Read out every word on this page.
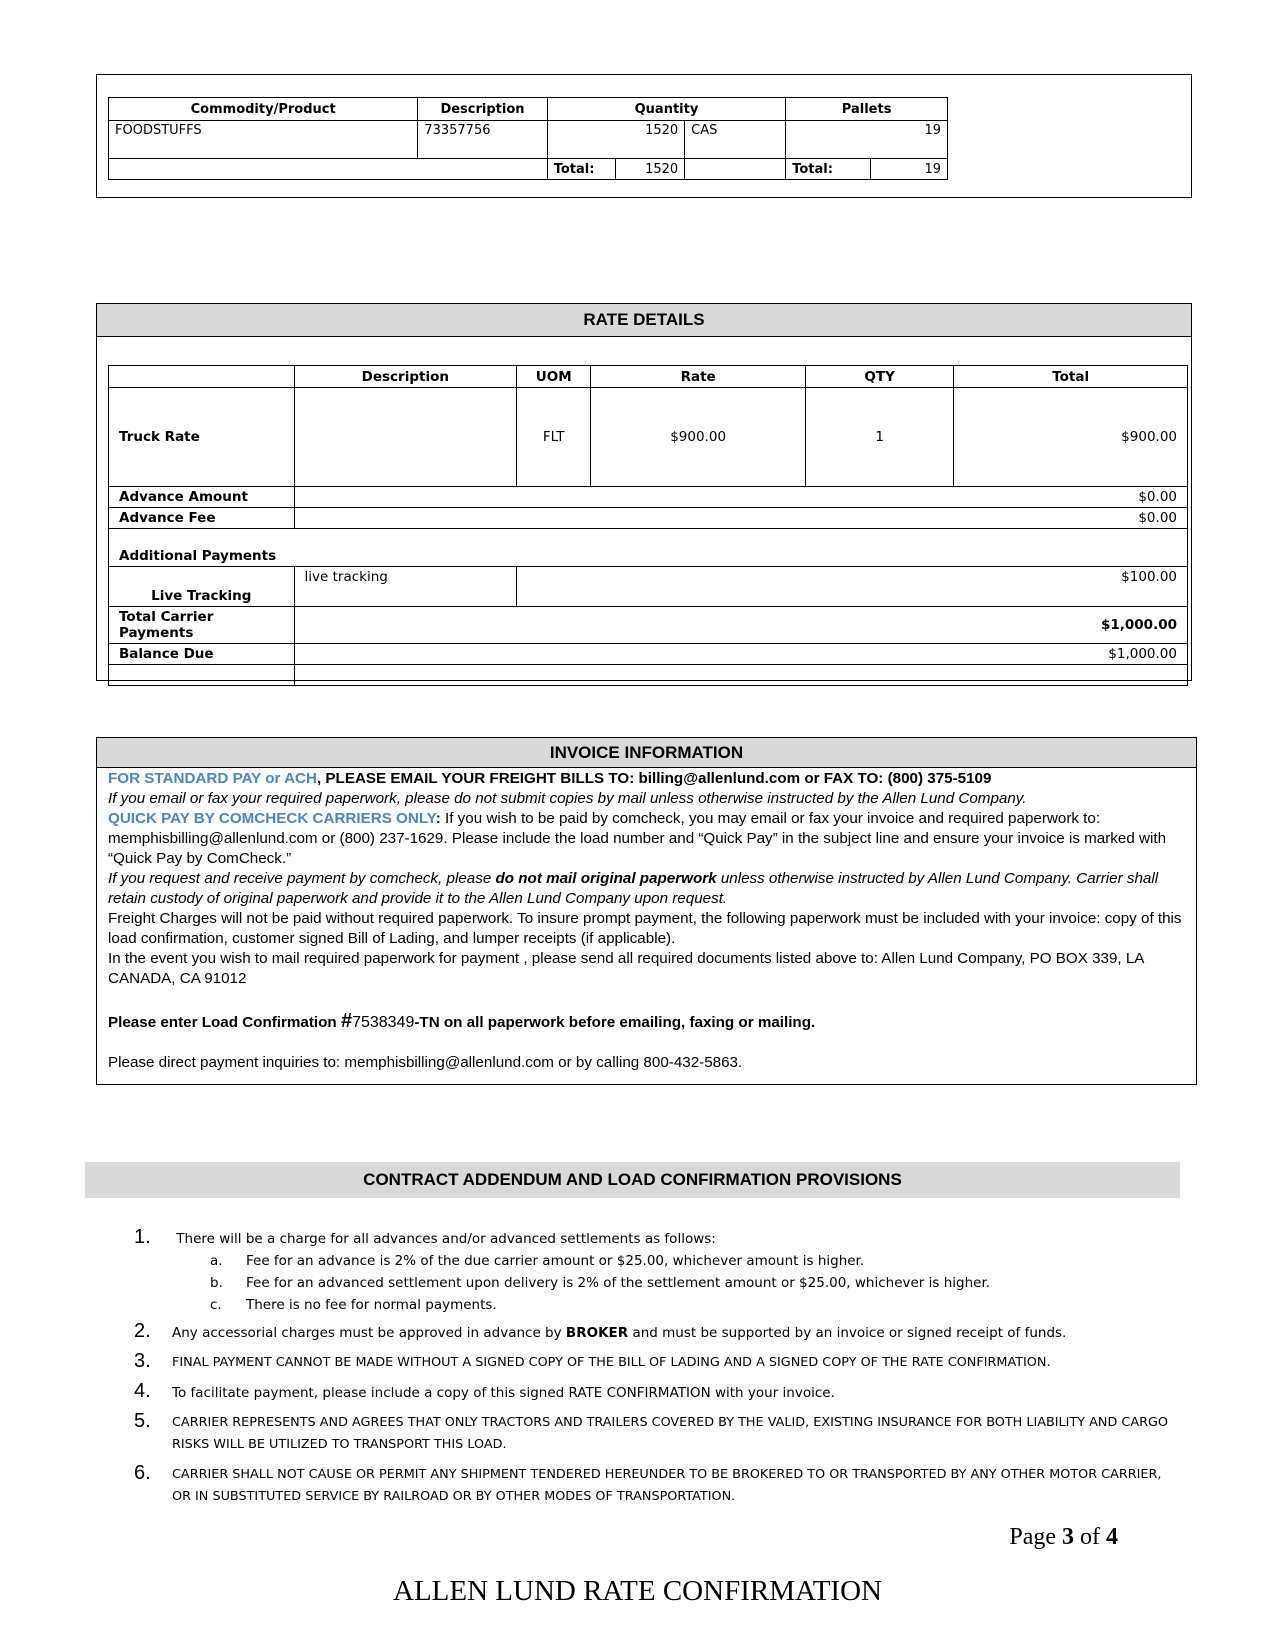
Commodity/Product	Description	Quantity			Pallets	
FOODSTUFFS	73357756	1520		CAS	19	
		Total:	1520		Total:	19
RATE DETAILS
	Description	UOM	Rate	QTY	Total
Truck Rate		FLT	$900.00	1	$900.00
Advance Amount	$0.00				
Advance Fee	$0.00				
Additional Payments					
Live Tracking	live tracking	$100.00			
Total Carrier Payments	$1,000.00				
Balance Due	$1,000.00				

INVOICE INFORMATION

FOR STANDARD PAY or ACH, PLEASE EMAIL YOUR FREIGHT BILLS TO: billing@allenlund.com or FAX TO: (800) 375-5109

If you email or fax your required paperwork, please do not submit copies by mail unless otherwise instructed by the Allen Lund Company.

QUICK PAY BY COMCHECK CARRIERS ONLY: If you wish to be paid by comcheck, you may email or fax your invoice and required paperwork to: memphisbilling@allenlund.com or (800) 237-1629. Please include the load number and “Quick Pay” in the subject line and ensure your invoice is marked with “Quick Pay by ComCheck.”

If you request and receive payment by comcheck, please do not mail original paperwork unless otherwise instructed by Allen Lund Company. Carrier shall retain custody of original paperwork and provide it to the Allen Lund Company upon request.

Freight Charges will not be paid without required paperwork. To insure prompt payment, the following paperwork must be included with your invoice: copy of this load confirmation, customer signed Bill of Lading, and lumper receipts (if applicable).

In the event you wish to mail required paperwork for payment , please send all required documents listed above to: Allen Lund Company, PO BOX 339, LA CANADA, CA 91012

Please enter Load Confirmation #7538349-TN on all paperwork before emailing, faxing or mailing.

Please direct payment inquiries to: memphisbilling@allenlund.com or by calling 800-432-5863.

CONTRACT ADDENDUM AND LOAD CONFIRMATION PROVISIONS
1. There will be a charge for all advances and/or advanced settlements as follows:
a. Fee for an advance is 2% of the due carrier amount or $25.00, whichever amount is higher.
b. Fee for an advanced settlement upon delivery is 2% of the settlement amount or $25.00, whichever is higher.
c. There is no fee for normal payments.
2. Any accessorial charges must be approved in advance by BROKER and must be supported by an invoice or signed receipt of funds.
3. FINAL PAYMENT CANNOT BE MADE WITHOUT A SIGNED COPY OF THE BILL OF LADING AND A SIGNED COPY OF THE RATE CONFIRMATION.
4. To facilitate payment, please include a copy of this signed RATE CONFIRMATION with your invoice.
5. CARRIER REPRESENTS AND AGREES THAT ONLY TRACTORS AND TRAILERS COVERED BY THE VALID, EXISTING INSURANCE FOR BOTH LIABILITY AND CARGO RISKS WILL BE UTILIZED TO TRANSPORT THIS LOAD.
6. CARRIER SHALL NOT CAUSE OR PERMIT ANY SHIPMENT TENDERED HEREUNDER TO BE BROKERED TO OR TRANSPORTED BY ANY OTHER MOTOR CARRIER, OR IN SUBSTITUTED SERVICE BY RAILROAD OR BY OTHER MODES OF TRANSPORTATION.
Page 3 of 4
ALLEN LUND RATE CONFIRMATION
